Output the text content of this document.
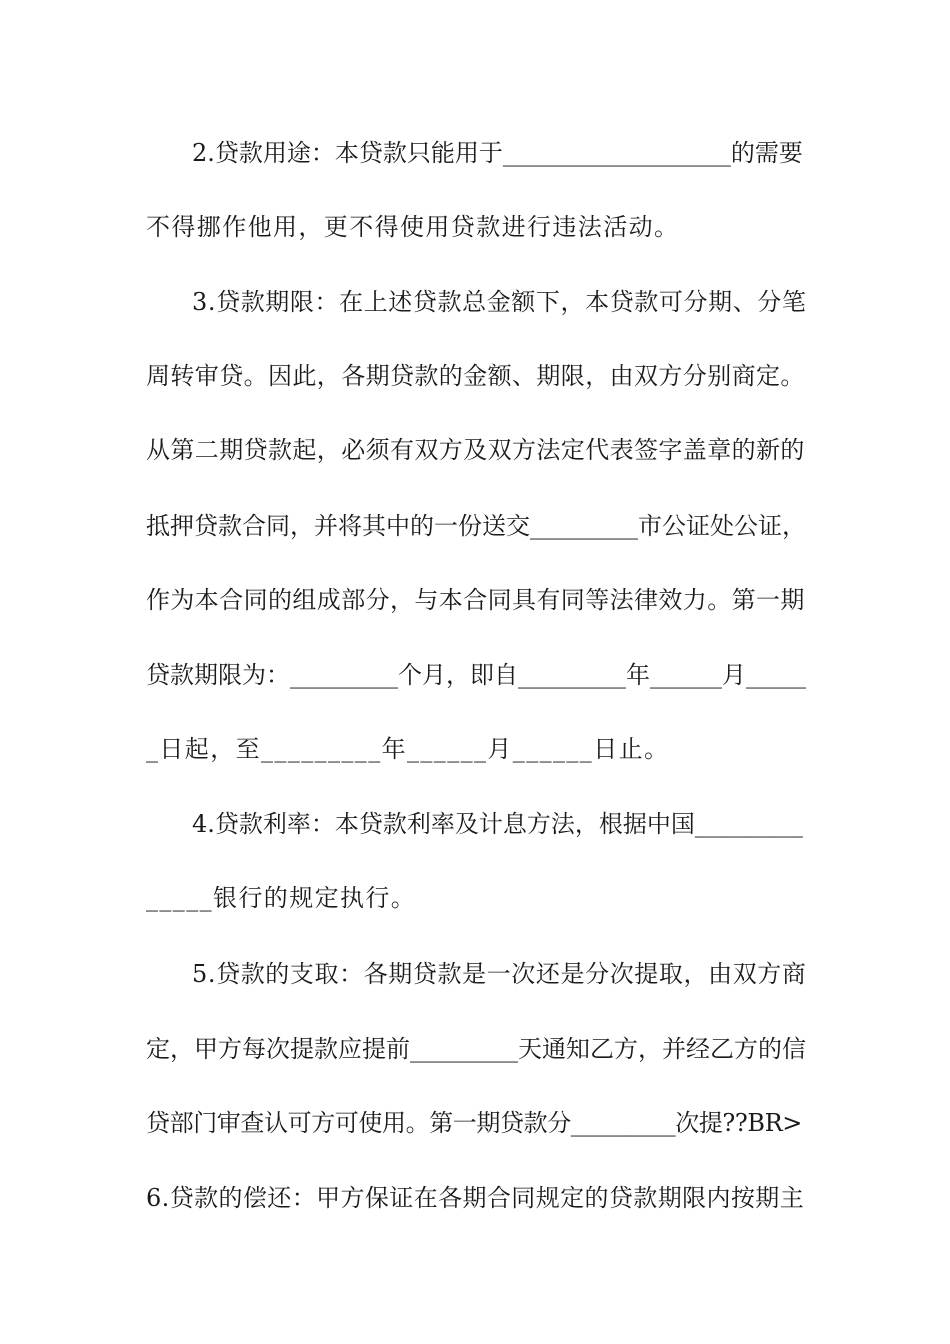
2.贷款用途：本贷款只能用于___________________的需要
不得挪作他用，更不得使用贷款进行违法活动。
3.贷款期限：在上述贷款总金额下，本贷款可分期、分笔
周转审贷。因此，各期贷款的金额、期限，由双方分别商定。
从第二期贷款起，必须有双方及双方法定代表签字盖章的新的
抵押贷款合同，并将其中的一份送交_________市公证处公证，
作为本合同的组成部分，与本合同具有同等法律效力。第一期
贷款期限为：_________个月，即自_________年______月_____
_日起，至_________年______月______日止。
4.贷款利率：本贷款利率及计息方法，根据中国_________
_____银行的规定执行。
5.贷款的支取：各期贷款是一次还是分次提取，由双方商
定，甲方每次提款应提前_________天通知乙方，并经乙方的信
贷部门审查认可方可使用。第一期贷款分_________次提??BR>
6.贷款的偿还：甲方保证在各期合同规定的贷款期限内按期主
